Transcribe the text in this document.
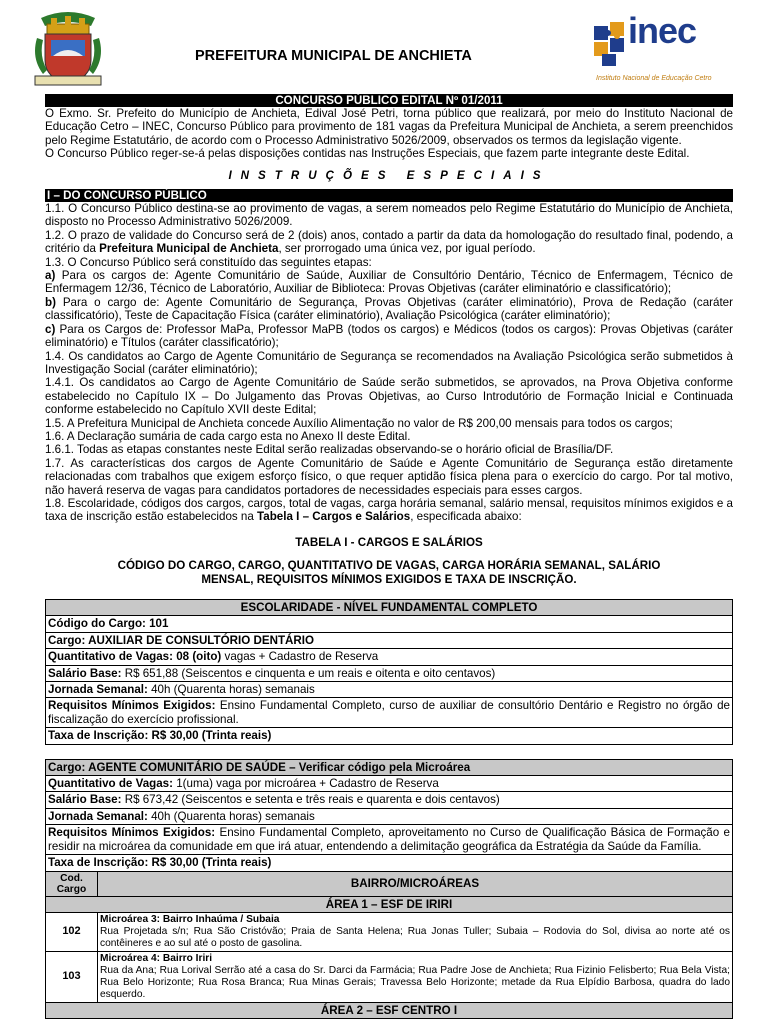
PREFEITURA MUNICIPAL DE ANCHIETA
inec
Instituto Nacional de Educação Cetro
CONCURSO PÚBLICO EDITAL Nº 01/2011

O Exmo. Sr. Prefeito do Município de Anchieta, Edival José Petri, torna público que realizará, por meio do Instituto Nacional de Educação Cetro – INEC, Concurso Público para provimento de 181 vagas da Prefeitura Municipal de Anchieta, a serem preenchidos pelo Regime Estatutário, de acordo com o Processo Administrativo 5026/2009, observados os termos da legislação vigente.

O Concurso Público reger-se-á pelas disposições contidas nas Instruções Especiais, que fazem parte integrante deste Edital.

INSTRUÇÕES ESPECIAIS
I – DO CONCURSO PÚBLICO

1.1. O Concurso Público destina-se ao provimento de vagas, a serem nomeados pelo Regime Estatutário do Município de Anchieta, disposto no Processo Administrativo 5026/2009.

1.2. O prazo de validade do Concurso será de 2 (dois) anos, contado a partir da data da homologação do resultado final, podendo, a critério da Prefeitura Municipal de Anchieta, ser prorrogado uma única vez, por igual período.

1.3. O Concurso Público será constituído das seguintes etapas:

a) Para os cargos de: Agente Comunitário de Saúde, Auxiliar de Consultório Dentário, Técnico de Enfermagem, Técnico de Enfermagem 12/36, Técnico de Laboratório, Auxiliar de Biblioteca: Provas Objetivas (caráter eliminatório e classificatório);

b) Para o cargo de: Agente Comunitário de Segurança, Provas Objetivas (caráter eliminatório), Prova de Redação (caráter classificatório), Teste de Capacitação Física (caráter eliminatório), Avaliação Psicológica (caráter eliminatório);

c) Para os Cargos de: Professor MaPa, Professor MaPB (todos os cargos) e Médicos (todos os cargos): Provas Objetivas (caráter eliminatório) e Títulos (caráter classificatório);

1.4. Os candidatos ao Cargo de Agente Comunitário de Segurança se recomendados na Avaliação Psicológica serão submetidos à Investigação Social (caráter eliminatório);

1.4.1. Os candidatos ao Cargo de Agente Comunitário de Saúde serão submetidos, se aprovados, na Prova Objetiva conforme estabelecido no Capítulo IX – Do Julgamento das Provas Objetivas, ao Curso Introdutório de Formação Inicial e Continuada conforme estabelecido no Capítulo XVII deste Edital;

1.5. A Prefeitura Municipal de Anchieta concede Auxílio Alimentação no valor de R$ 200,00 mensais para todos os cargos;

1.6. A Declaração sumária de cada cargo esta no Anexo II deste Edital.

1.6.1. Todas as etapas constantes neste Edital serão realizadas observando-se o horário oficial de Brasília/DF.

1.7. As características dos cargos de Agente Comunitário de Saúde e Agente Comunitário de Segurança estão diretamente relacionadas com trabalhos que exigem esforço físico, o que requer aptidão física plena para o exercício do cargo. Por tal motivo, não haverá reserva de vagas para candidatos portadores de necessidades especiais para esses cargos.

1.8. Escolaridade, códigos dos cargos, cargos, total de vagas, carga horária semanal, salário mensal, requisitos mínimos exigidos e a taxa de inscrição estão estabelecidos na Tabela I – Cargos e Salários, especificada abaixo:

TABELA I - CARGOS E SALÁRIOS
CÓDIGO DO CARGO, CARGO, QUANTITATIVO DE VAGAS, CARGA HORÁRIA SEMANAL, SALÁRIO MENSAL, REQUISITOS MÍNIMOS EXIGIDOS E TAXA DE INSCRIÇÃO.
ESCOLARIDADE - NÍVEL FUNDAMENTAL COMPLETO
Código do Cargo: 101
Cargo: AUXILIAR DE CONSULTÓRIO DENTÁRIO
Quantitativo de Vagas: 08 (oito) vagas + Cadastro de Reserva
Salário Base: R$ 651,88 (Seiscentos e cinquenta e um reais e oitenta e oito centavos)
Jornada Semanal: 40h (Quarenta horas) semanais
Requisitos Mínimos Exigidos: Ensino Fundamental Completo, curso de auxiliar de consultório Dentário e Registro no órgão de fiscalização do exercício profissional.
Taxa de Inscrição: R$ 30,00 (Trinta reais)
Cargo: AGENTE COMUNITÁRIO DE SAÚDE – Verificar código pela Microárea	
Quantitativo de Vagas: 1(uma) vaga por microárea + Cadastro de Reserva	
Salário Base: R$ 673,42 (Seiscentos e setenta e três reais e quarenta e dois centavos)	
Jornada Semanal: 40h (Quarenta horas) semanais	
Requisitos Mínimos Exigidos: Ensino Fundamental Completo, aproveitamento no Curso de Qualificação Básica de Formação e residir na microárea da comunidade em que irá atuar, entendendo a delimitação geográfica da Estratégia da Saúde da Família.	
Taxa de Inscrição: R$ 30,00 (Trinta reais)	
Cod. Cargo	BAIRRO/MICROÁREAS
ÁREA 1 – ESF DE IRIRI	
102	Microárea 3: Bairro Inhaúma / Subaia
Rua Projetada s/n; Rua São Cristóvão; Praia de Santa Helena; Rua Jonas Tuller; Subaia – Rodovia do Sol, divisa ao norte até os contêineres e ao sul até o posto de gasolina.
103	Microárea 4: Bairro Iriri
Rua da Ana; Rua Lorival Serrão até a casa do Sr. Darci da Farmácia; Rua Padre Jose de Anchieta; Rua Fizinio Felisberto; Rua Bela Vista; Rua Belo Horizonte; Rua Rosa Branca; Rua Minas Gerais; Travessa Belo Horizonte; metade da Rua Elpídio Barbosa, quadra do lado esquerdo.
ÁREA 2 – ESF CENTRO I	
